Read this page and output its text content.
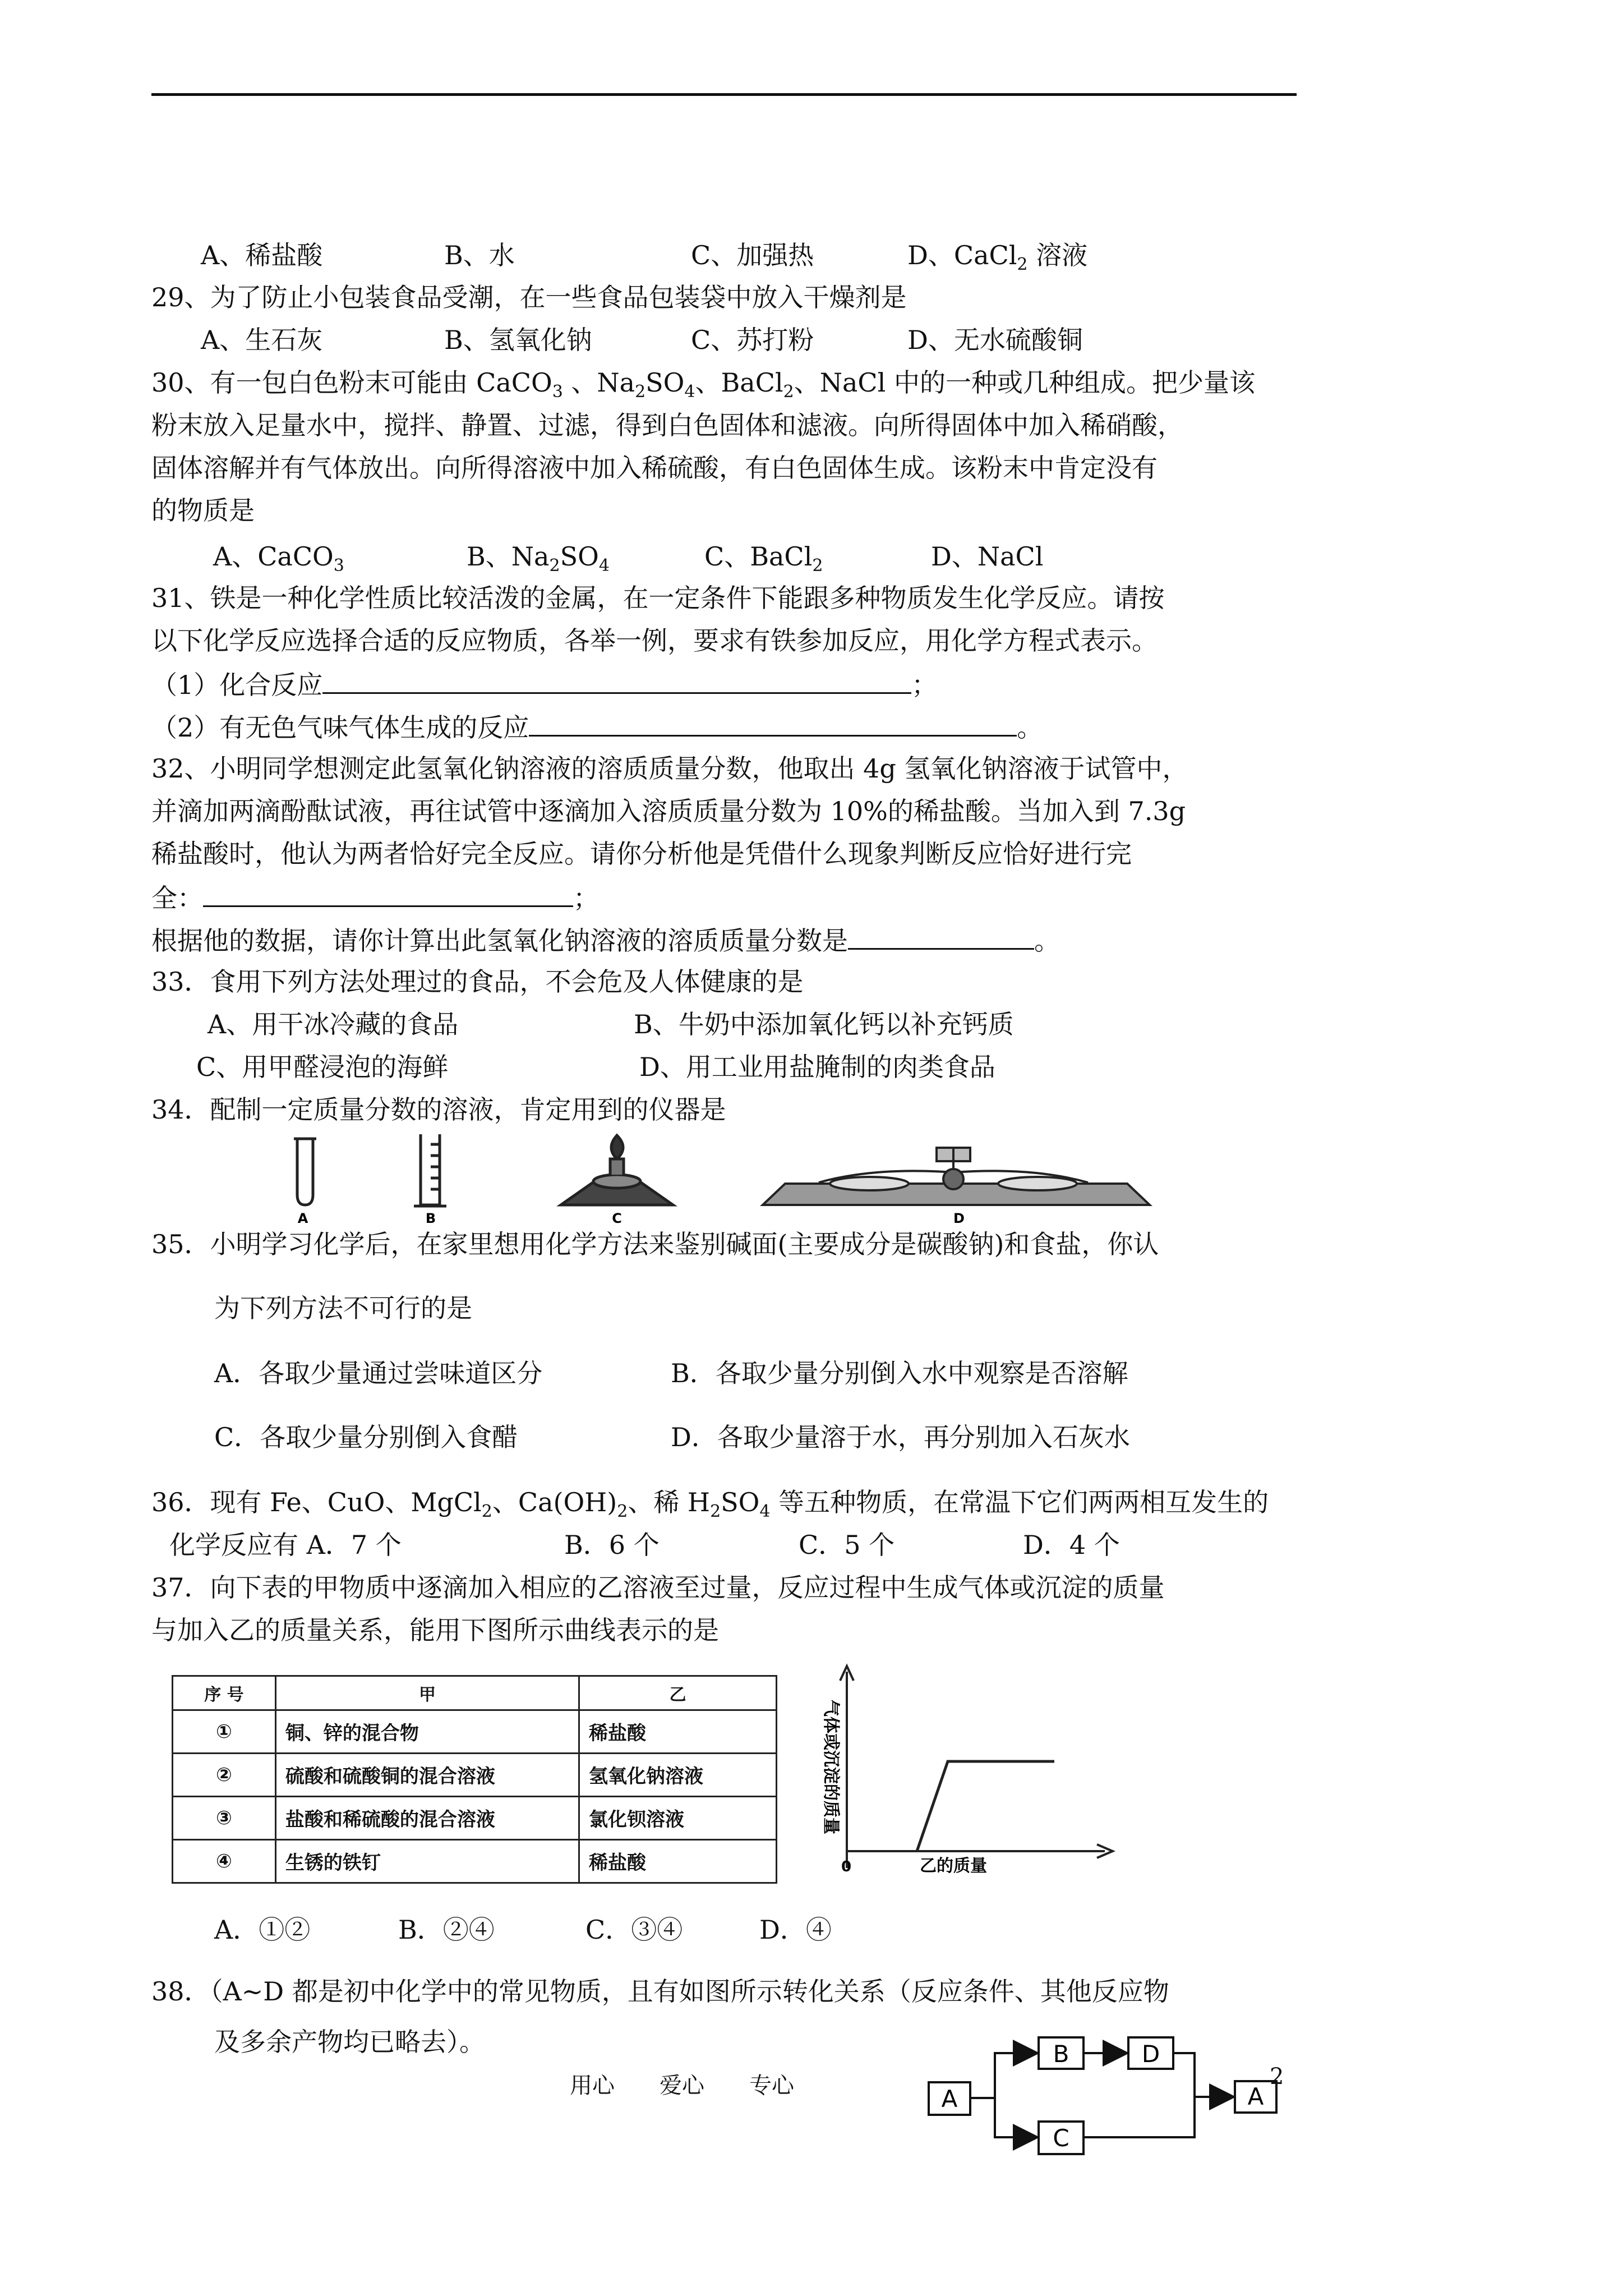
A、稀盐酸	B、水	C、加强热	D、CaCl$_2$ 溶液
29、为了防止小包装食品受潮，在一些食品包装袋中放入干燥剂是
A、生石灰	B、氢氧化钠	C、苏打粉	D、无水硫酸铜
30、有一包白色粉末可能由 CaCO$_3$ 、$Na_2SO_4$、BaCl$_2$、NaCl 中的一种或几种组成。把少量该
粉末放入足量水中，搅拌、静置、过滤，得到白色固体和滤液。向所得固体中加入稀硝酸，
固体溶解并有气体放出。向所得溶液中加入稀硫酸，有白色固体生成。该粉末中肯定没有
的物质是
A、CaCO$_3$	B、$Na_2SO_4$	C、BaCl$_2$	D、NaCl
31、铁是一种化学性质比较活泼的金属，在一定条件下能跟多种物质发生化学反应。请按
以下化学反应选择合适的反应物质，各举一例，要求有铁参加反应，用化学方程式表示。
（1）化合反应	；
（2）有无色气味气体生成的反应	。
32、小明同学想测定此氢氧化钠溶液的溶质质量分数，他取出 4g 氢氧化钠溶液于试管中，
并滴加两滴酚酞试液，再往试管中逐滴加入溶质质量分数为 10%的稀盐酸。当加入到 7.3g
稀盐酸时，他认为两者恰好完全反应。请你分析他是凭借什么现象判断反应恰好进行完
全：	；
根据他的数据，请你计算出此氢氧化钠溶液的溶质质量分数是	。
33．食用下列方法处理过的食品，不会危及人体健康的是
A、用干冰冷藏的食品	B、牛奶中添加氧化钙以补充钙质
C、用甲醛浸泡的海鲜	D、用工业用盐腌制的肉类食品
34．配制一定质量分数的溶液，肯定用到的仪器是
A	B	C	D
35．小明学习化学后，在家里想用化学方法来鉴别碱面(主要成分是碳酸钠)和食盐，你认
为下列方法不可行的是
A．各取少量通过尝味道区分	B．各取少量分别倒入水中观察是否溶解
C．各取少量分别倒入食醋	D．各取少量溶于水，再分别加入石灰水
36．现有 Fe、CuO、MgCl$_2$、$Ca(OH)_2$、稀 $H_2SO_4$ 等五种物质，在常温下它们两两相互发生的
化学反应有 A．7 个	B．6 个	C．5 个	D．4 个
37．向下表的甲物质中逐滴加入相应的乙溶液至过量，反应过程中生成气体或沉淀的质量
与加入乙的质量关系，能用下图所示曲线表示的是
序 号	甲	乙
①	铜、锌的混合物	稀盐酸
②	硫酸和硫酸铜的混合溶液	氢氧化钠溶液
③	盐酸和稀硫酸的混合溶液	氯化钡溶液
④	生锈的铁钉	稀盐酸
气体或沉淀的质量
0	乙的质量
A．①②	B．②④	C．③④	D．④
38．（A~D 都是初中化学中的常见物质，且有如图所示转化关系（反应条件、其他反应物
及多余产物均已略去）。
A
B	D
C
A
用心　　爱心　　专心	2
